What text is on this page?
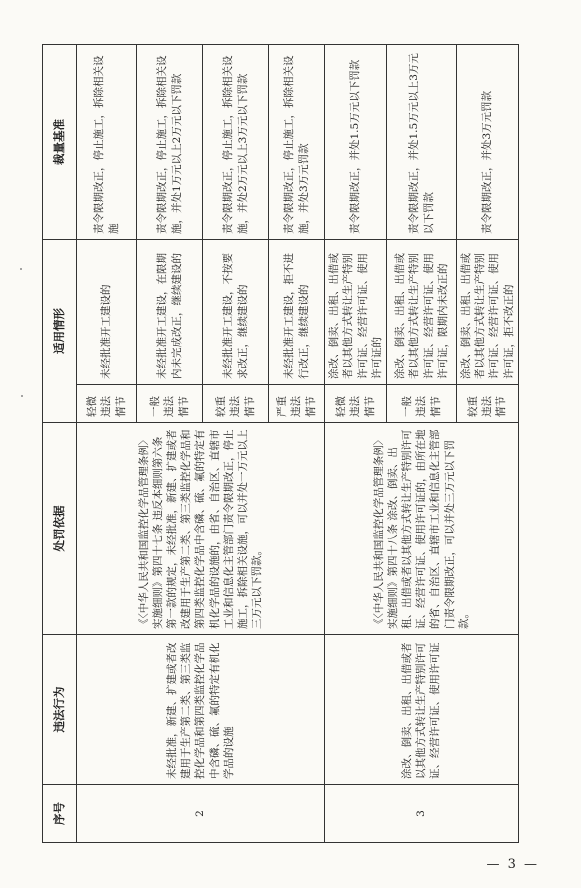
序号	违法行为	处罚依据	适用情形		裁量基准
2	未经批准，新建、扩建或者改建用于生产第二类、第三类监控化学品和第四类监控化学品中含磷、硫、氟的特定有机化学品的设施	《〈中华人民共和国监控化学品管理条例〉实施细则》第四十七条 违反本细则第六条第一款的规定，未经批准，新建、扩建或者改建用于生产第二类、第三类监控化学品和第四类监控化学品中含磷、硫、氟的特定有机化学品的设施的，由省、自治区、直辖市工业和信息化主管部门责令限期改正，停止施工，拆除相关设施，可以并处一万元以上三万元以下罚款。	轻微违法情节	未经批准开工建设的	责令限期改正，停止施工，拆除相关设施
			一般违法情节	未经批准开工建设，在限期内未完成改正，继续建设的	责令限期改正，停止施工，拆除相关设施，并处1万元以上2万元以下罚款
			较重违法情节	未经批准开工建设，不按要求改正，继续建设的	责令限期改正，停止施工，拆除相关设施，并处2万元以上3万元以下罚款
			严重违法情节	未经批准开工建设，拒不进行改正，继续建设的	责令限期改正，停止施工，拆除相关设施，并处3万元罚款
3	涂改、倒卖、出租、出借或者以其他方式转让生产特别许可证、经营许可证、使用许可证	《〈中华人民共和国监控化学品管理条例〉实施细则》第四十八条 涂改、倒卖、出租、出借或者以其他方式转让生产特别许可证、经营许可证、使用许可证的，由所在地的省、自治区、直辖市工业和信息化主管部门责令限期改正，可以并处三万元以下罚款。	轻微违法情节	涂改、倒卖、出租、出借或者以其他方式转让生产特别许可证、经营许可证、使用许可证的	责令限期改正，并处1.5万元以下罚款
			一般违法情节	涂改、倒卖、出租、出借或者以其他方式转让生产特别许可证、经营许可证、使用许可证，限期内未改正的	责令限期改正，并处1.5万元以上3万元以下罚款
			较重违法情节	涂改、倒卖、出租、出借或者以其他方式转让生产特别许可证、经营许可证、使用许可证，拒不改正的	责令限期改正，并处3万元罚款
— 3 —
